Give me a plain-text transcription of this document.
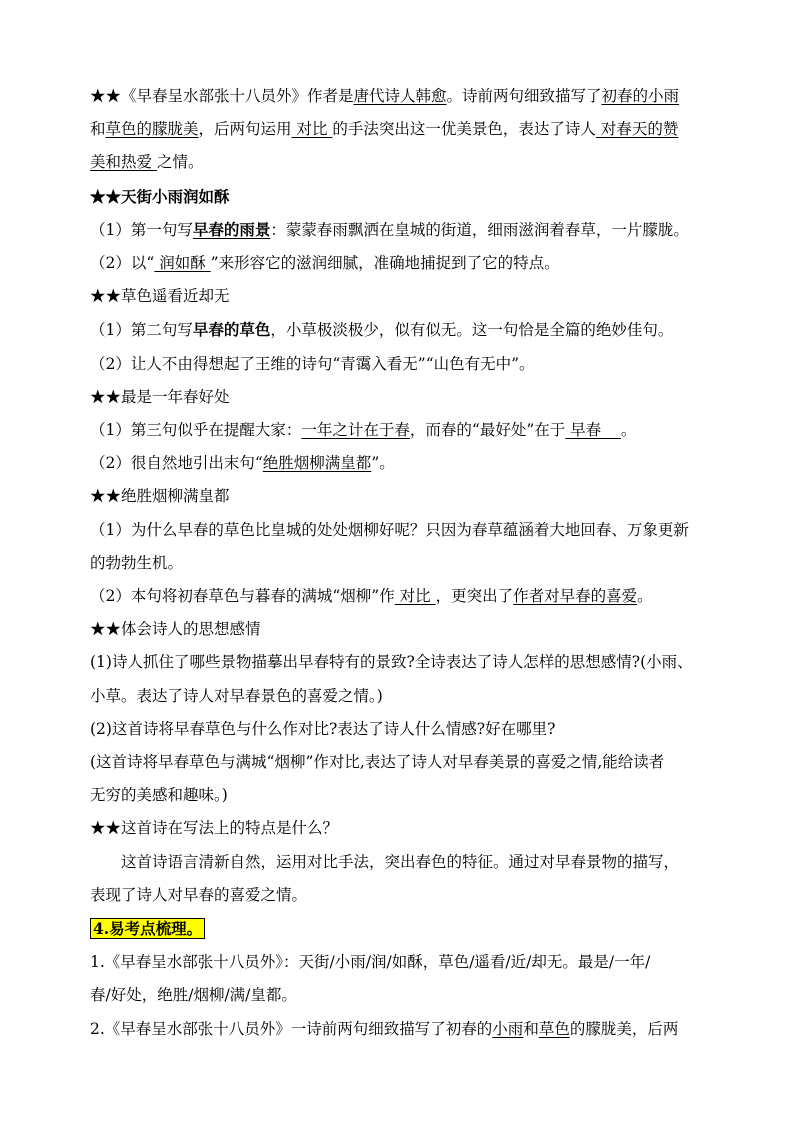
★★《早春呈水部张十八员外》作者是唐代诗人韩愈。诗前两句细致描写了初春的小雨

和草色的朦胧美，后两句运用 对比 的手法突出这一优美景色，表达了诗人 对春天的赞

美和热爱 之情。

★★天街小雨润如酥

（1）第一句写早春的雨景：蒙蒙春雨飘洒在皇城的街道，细雨滋润着春草，一片朦胧。

（2）以“ 润如酥 ”来形容它的滋润细腻，准确地捕捉到了它的特点。

★★草色遥看近却无

（1）第二句写早春的草色，小草极淡极少，似有似无。这一句恰是全篇的绝妙佳句。

（2）让人不由得想起了王维的诗句“青霭入看无”“山色有无中”。

★★最是一年春好处

（1）第三句似乎在提醒大家：一年之计在于春，而春的“最好处”在于 早春    。

（2）很自然地引出末句“绝胜烟柳满皇都”。

★★绝胜烟柳满皇都

（1）为什么早春的草色比皇城的处处烟柳好呢？只因为春草蕴涵着大地回春、万象更新

的勃勃生机。

（2）本句将初春草色与暮春的满城“烟柳”作 对比 ，更突出了作者对早春的喜爱。

★★体会诗人的思想感情

(1)诗人抓住了哪些景物描摹出早春特有的景致?全诗表达了诗人怎样的思想感情?(小雨、

小草。表达了诗人对早春景色的喜爱之情。)

(2)这首诗将早春草色与什么作对比?表达了诗人什么情感?好在哪里?

(这首诗将早春草色与满城“烟柳”作对比,表达了诗人对早春美景的喜爱之情,能给读者

无穷的美感和趣味。)

★★这首诗在写法上的特点是什么？

这首诗语言清新自然，运用对比手法，突出春色的特征。通过对早春景物的描写，

表现了诗人对早春的喜爱之情。

4.易考点梳理。

1.《早春呈水部张十八员外》：天街/小雨/润/如酥，草色/遥看/近/却无。最是/一年/

春/好处，绝胜/烟柳/满/皇都。

2.《早春呈水部张十八员外》一诗前两句细致描写了初春的小雨和草色的朦胧美，后两
